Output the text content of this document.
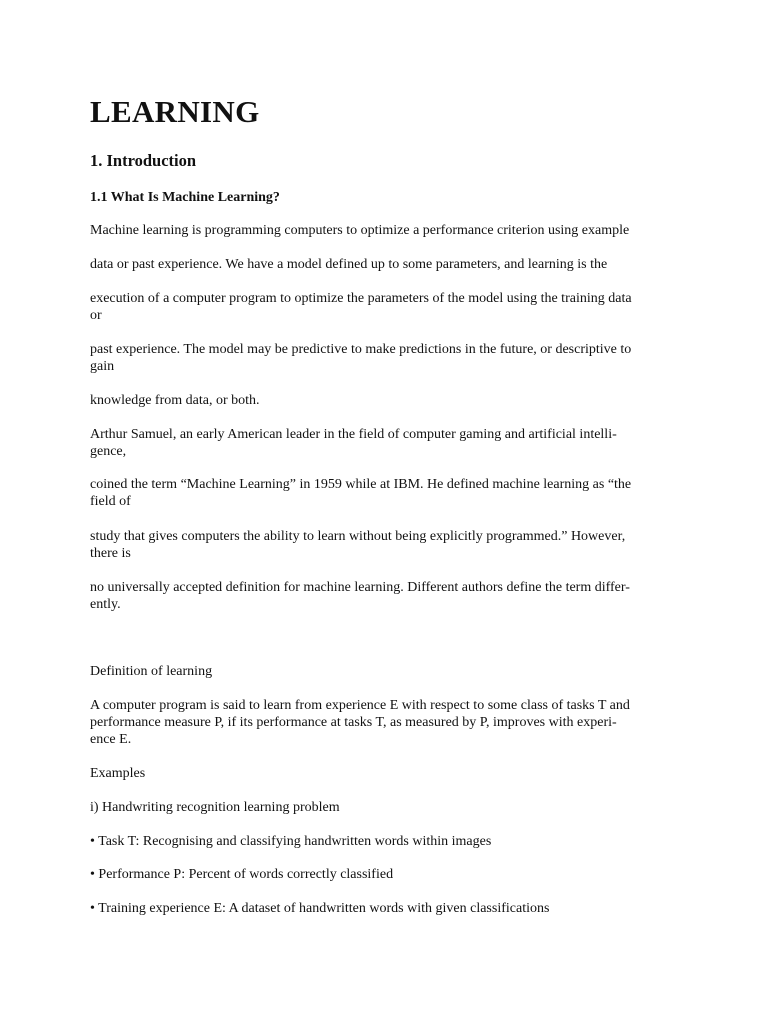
LEARNING
1. Introduction
1.1 What Is Machine Learning?

Machine learning is programming computers to optimize a performance criterion using example

data or past experience. We have a model defined up to some parameters, and learning is the

execution of a computer program to optimize the parameters of the model using the training data
or
past experience. The model may be predictive to make predictions in the future, or descriptive to
gain

knowledge from data, or both.

Arthur Samuel, an early American leader in the field of computer gaming and artificial intelli-
gence,
coined the term “Machine Learning” in 1959 while at IBM. He defined machine learning as “the
field of
study that gives computers the ability to learn without being explicitly programmed.” However,
there is
no universally accepted definition for machine learning. Different authors define the term differ-
ently.

Definition of learning

A computer program is said to learn from experience E with respect to some class of tasks T and
performance measure P, if its performance at tasks T, as measured by P, improves with experi-
ence E.

Examples

i) Handwriting recognition learning problem

• Task T: Recognising and classifying handwritten words within images

• Performance P: Percent of words correctly classified

• Training experience E: A dataset of handwritten words with given classifications
